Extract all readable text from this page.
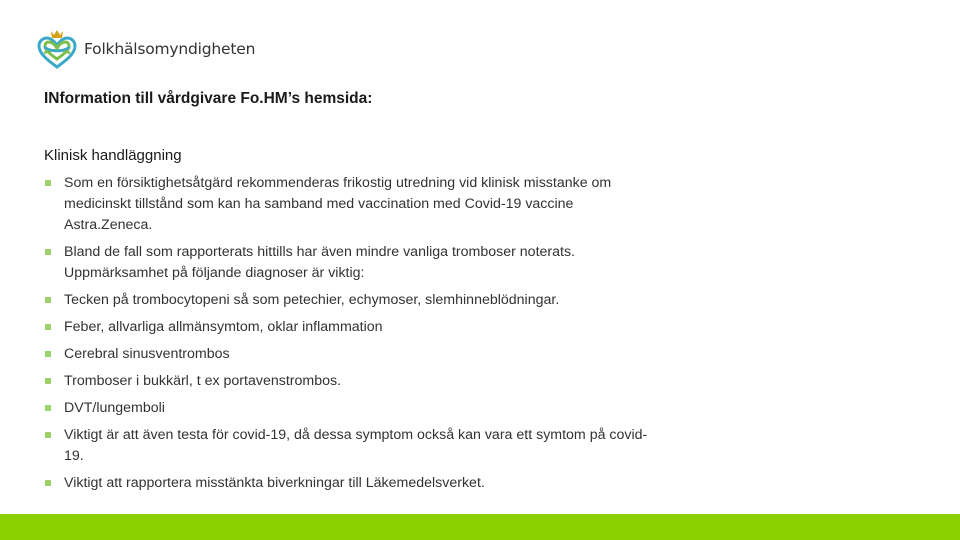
Folkhälsomyndigheten
INformation till vårdgivare Fo.HM’s hemsida:
Klinisk handläggning
Som en försiktighetsåtgärd rekommenderas frikostig utredning vid klinisk misstanke om medicinskt tillstånd som kan ha samband med vaccination med Covid-19 vaccine Astra.Zeneca.
Bland de fall som rapporterats hittills har även mindre vanliga tromboser noterats. Uppmärksamhet på följande diagnoser är viktig:
Tecken på trombocytopeni så som petechier, echymoser, slemhinneblödningar.
Feber, allvarliga allmänsymtom, oklar inflammation
Cerebral sinusventrombos
Tromboser i bukkärl, t ex portavenstrombos.
DVT/lungemboli
Viktigt är att även testa för covid-19, då dessa symptom också kan vara ett symtom på covid-19.
Viktigt att rapportera misstänkta biverkningar till Läkemedelsverket.
